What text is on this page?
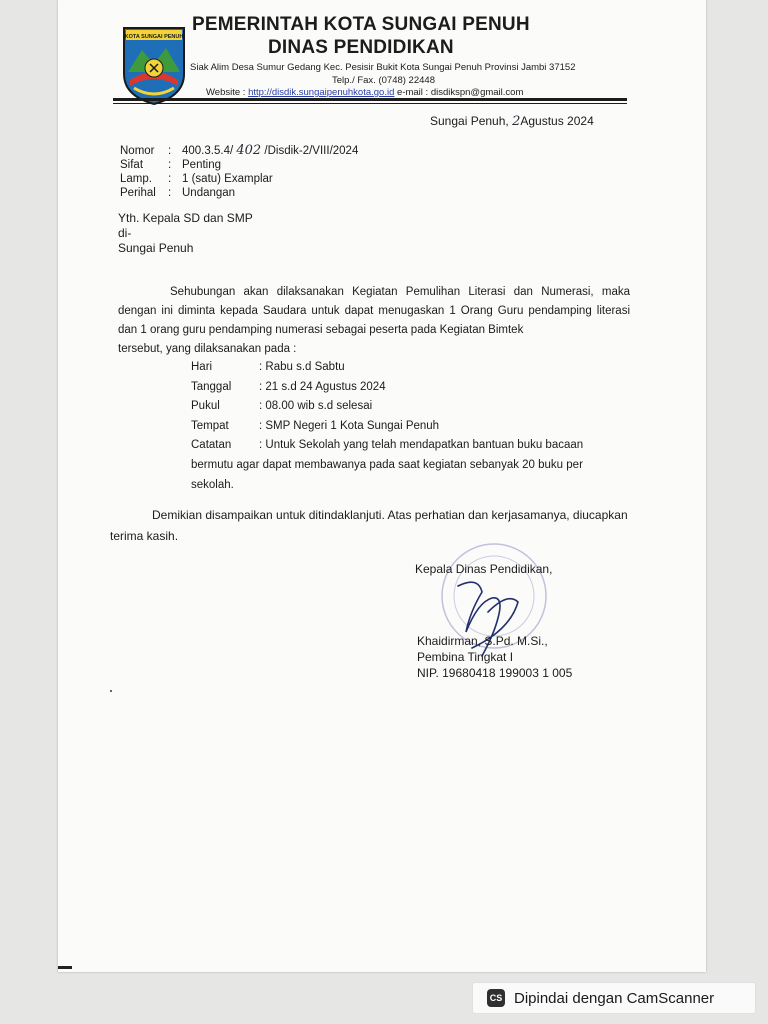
KOTA SUNGAI PENUH
PEMERINTAH KOTA SUNGAI PENUH
DINAS PENDIDIKAN
Siak Alim Desa Sumur Gedang Kec. Pesisir Bukit Kota Sungai Penuh Provinsi Jambi 37152
Telp./ Fax. (0748) 22448
Website : http://disdik.sungaipenuhkota.go.id e-mail : disdikspn@gmail.com
Sungai Penuh, 2Agustus 2024
Nomor	: 400.3.5.4/ 402 /Disdik-2/VIII/2024
Sifat	: Penting
Lamp.	: 1 (satu) Examplar
Perihal	: Undangan
Yth. Kepala SD dan SMP
di-
Sungai Penuh
Sehubungan akan dilaksanakan Kegiatan Pemulihan Literasi dan Numerasi, maka dengan ini diminta kepada Saudara untuk dapat menugaskan 1 Orang Guru pendamping literasi dan 1 orang guru pendamping numerasi sebagai peserta pada Kegiatan Bimtek
tersebut, yang dilaksanakan pada :
Hari	: Rabu s.d Sabtu
Tanggal	: 21 s.d 24 Agustus 2024
Pukul	: 08.00 wib s.d selesai
Tempat	: SMP Negeri 1 Kota Sungai Penuh
Catatan	: Untuk Sekolah yang telah mendapatkan bantuan buku bacaan
bermutu agar dapat membawanya pada saat kegiatan sebanyak 20 buku per
sekolah.
Demikian disampaikan untuk ditindaklanjuti. Atas perhatian dan kerjasamanya, diucapkan
terima kasih.
Kepala Dinas Pendidikan,
Khaidirman, S.Pd. M.Si.,
Pembina Tingkat I
NIP. 19680418 199003 1 005
CS Dipindai dengan CamScanner
